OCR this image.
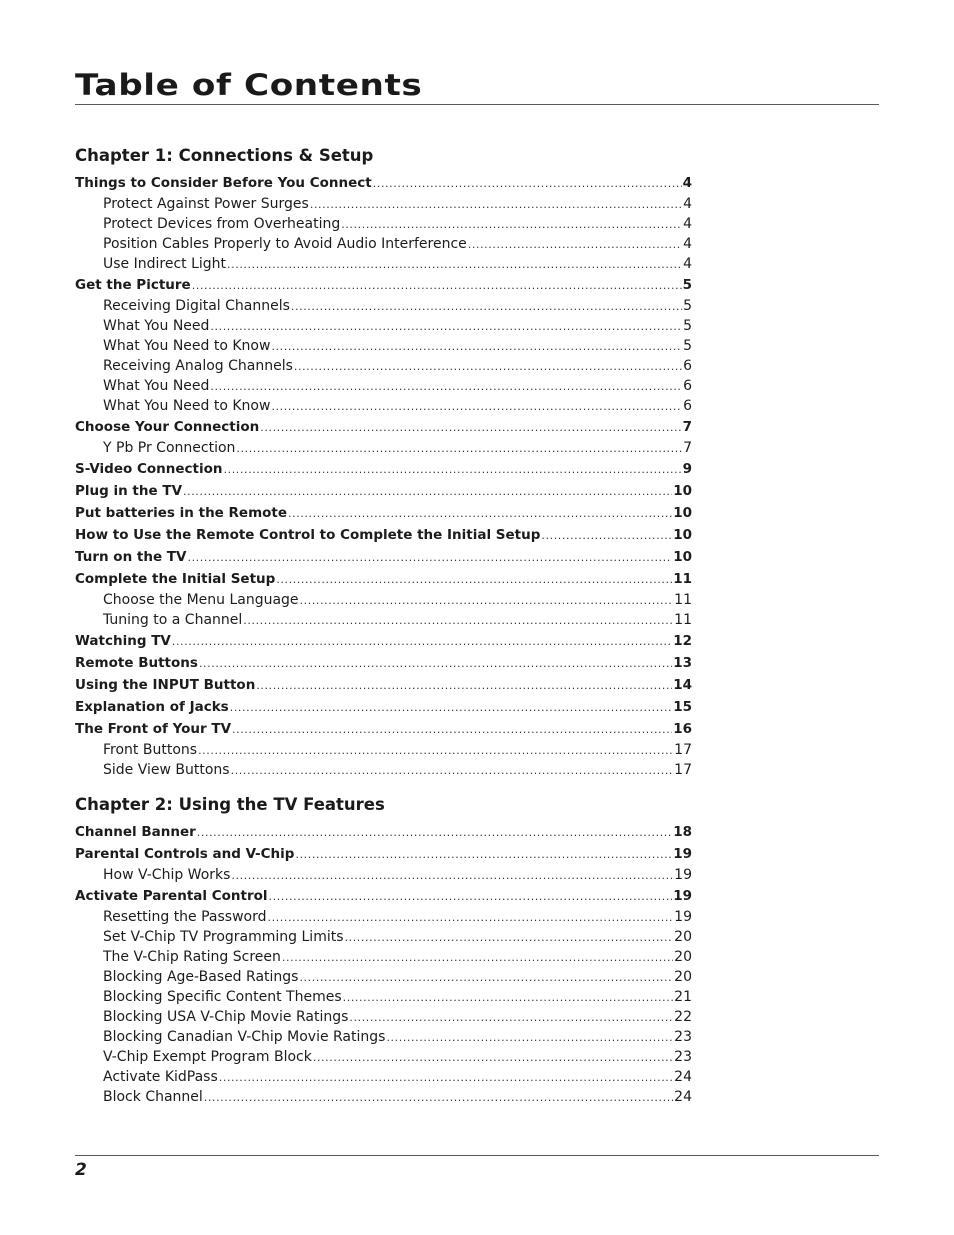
Table of Contents
Chapter 1: Connections & Setup
Things to Consider Before You Connect .....	4
Protect Against Power Surges .....	4
Protect Devices from Overheating .....	4
Position Cables Properly to Avoid Audio Interference .....	4
Use Indirect Light .....	4
Get the Picture .....	5
Receiving Digital Channels .....	5
What You Need .....	5
What You Need to Know .....	5
Receiving Analog Channels .....	6
What You Need .....	6
What You Need to Know .....	6
Choose Your Connection .....	7
Y Pb Pr Connection .....	7
S-Video Connection .....	9
Plug in the TV .....	10
Put batteries in the Remote .....	10
How to Use the Remote Control to Complete the Initial Setup .....	10
Turn on the TV .....	10
Complete the Initial Setup .....	11
Choose the Menu Language .....	11
Tuning to a Channel .....	11
Watching TV .....	12
Remote Buttons .....	13
Using the INPUT Button .....	14
Explanation of Jacks .....	15
The Front of Your TV .....	16
Front Buttons .....	17
Side View Buttons .....	17
Chapter 2: Using the TV Features
Channel Banner .....	18
Parental Controls and V-Chip .....	19
How V-Chip Works .....	19
Activate Parental Control .....	19
Resetting the Password .....	19
Set V-Chip TV Programming Limits .....	20
The V-Chip Rating Screen .....	20
Blocking Age-Based Ratings .....	20
Blocking Specific Content Themes .....	21
Blocking USA V-Chip Movie Ratings .....	22
Blocking Canadian V-Chip Movie Ratings .....	23
V-Chip Exempt Program Block .....	23
Activate KidPass .....	24
Block Channel .....	24
2
